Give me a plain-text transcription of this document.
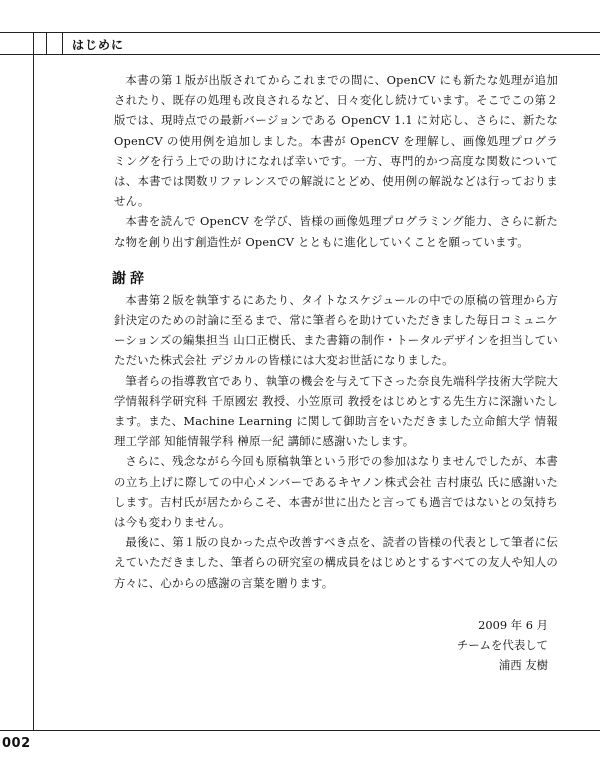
はじめに

本書の第１版が出版されてからこれまでの間に、OpenCV にも新たな処理が追加されたり、既存の処理も改良されるなど、日々変化し続けています。そこでこの第２版では、現時点での最新バージョンである OpenCV 1.1 に対応し、さらに、新たな OpenCV の使用例を追加しました。本書が OpenCV を理解し、画像処理プログラミングを行う上での助けになれば幸いです。一方、専門的かつ高度な関数については、本書では関数リファレンスでの解説にとどめ、使用例の解説などは行っておりません。

本書を読んで OpenCV を学び、皆様の画像処理プログラミング能力、さらに新たな物を創り出す創造性が OpenCV とともに進化していくことを願っています。

謝辞

本書第２版を執筆するにあたり、タイトなスケジュールの中での原稿の管理から方針決定のための討論に至るまで、常に筆者らを助けていただきました毎日コミュニケーションズの編集担当 山口正樹氏、また書籍の制作・トータルデザインを担当していただいた株式会社 デジカルの皆様には大変お世話になりました。

筆者らの指導教官であり、執筆の機会を与えて下さった奈良先端科学技術大学院大学情報科学研究科 千原國宏 教授、小笠原司 教授をはじめとする先生方に深謝いたします。また、Machine Learning に関して御助言をいただきました立命館大学 情報理工学部 知能情報学科 榊原一紀 講師に感謝いたします。

さらに、残念ながら今回も原稿執筆という形での参加はなりませんでしたが、本書の立ち上げに際しての中心メンバーであるキヤノン株式会社 吉村康弘 氏に感謝いたします。吉村氏が居たからこそ、本書が世に出たと言っても過言ではないとの気持ちは今も変わりません。

最後に、第１版の良かった点や改善すべき点を、読者の皆様の代表として筆者に伝えていただきました、筆者らの研究室の構成員をはじめとするすべての友人や知人の方々に、心からの感謝の言葉を贈ります。

2009 年 6 月

チームを代表して

浦西 友樹

002
